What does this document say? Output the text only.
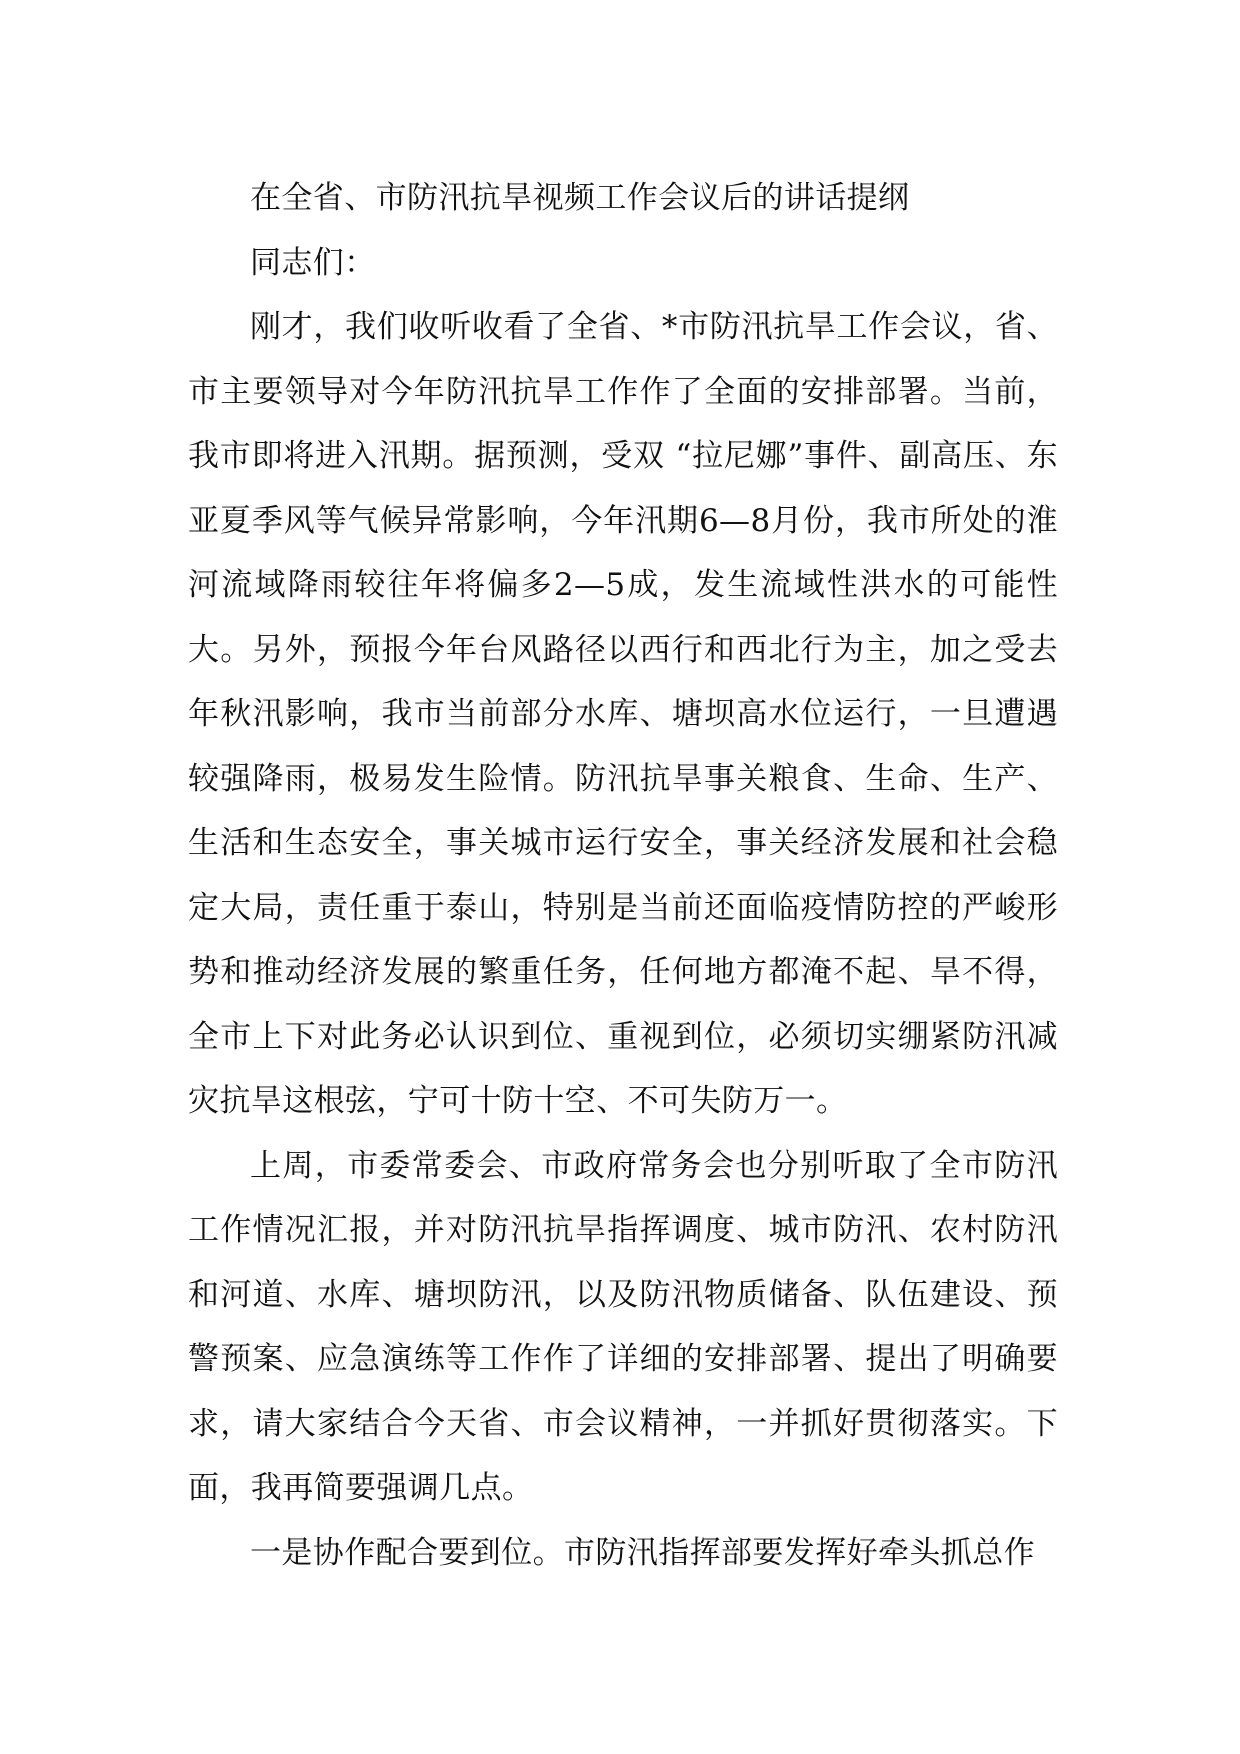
在全省、市防汛抗旱视频工作会议后的讲话提纲

同志们：

刚才，我们收听收看了全省、*市防汛抗旱工作会议，省、市主要领导对今年防汛抗旱工作作了全面的安排部署。当前，我市即将进入汛期。据预测，受双 “拉尼娜”事件、副高压、东亚夏季风等气候异常影响，今年汛期6—8月份，我市所处的淮河流域降雨较往年将偏多2—5成，发生流域性洪水的可能性大。另外，预报今年台风路径以西行和西北行为主，加之受去年秋汛影响，我市当前部分水库、塘坝高水位运行，一旦遭遇较强降雨，极易发生险情。防汛抗旱事关粮食、生命、生产、生活和生态安全，事关城市运行安全，事关经济发展和社会稳定大局，责任重于泰山，特别是当前还面临疫情防控的严峻形势和推动经济发展的繁重任务，任何地方都淹不起、旱不得，全市上下对此务必认识到位、重视到位，必须切实绷紧防汛减灾抗旱这根弦，宁可十防十空、不可失防万一。

上周，市委常委会、市政府常务会也分别听取了全市防汛工作情况汇报，并对防汛抗旱指挥调度、城市防汛、农村防汛和河道、水库、塘坝防汛，以及防汛物质储备、队伍建设、预警预案、应急演练等工作作了详细的安排部署、提出了明确要求，请大家结合今天省、市会议精神，一并抓好贯彻落实。下面，我再简要强调几点。

一是协作配合要到位。市防汛指挥部要发挥好牵头抓总作
